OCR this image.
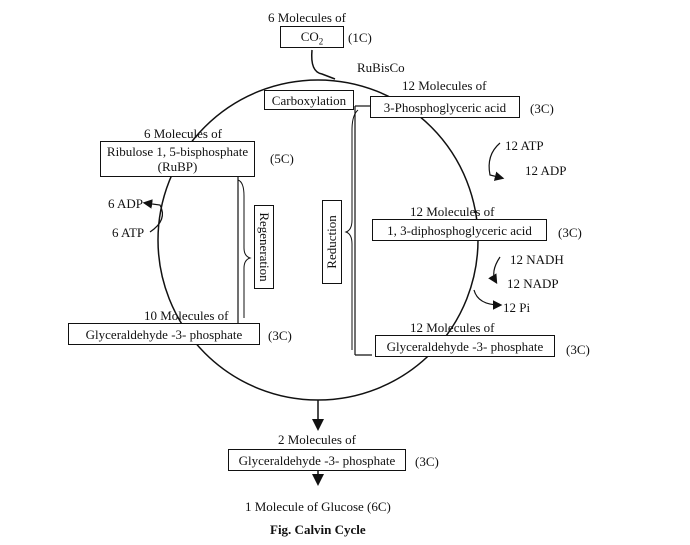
6 Molecules of
$CO_2$	(1C)
RuBisCo
Carboxylation
12 Molecules of
3-Phosphoglyceric acid	(3C)
12 ATP
12 ADP
12 Molecules of
1, 3-diphosphoglyceric acid	(3C)
12 NADH
12 NADP
12 Pi
12 Molecules of
Glyceraldehyde -3- phosphate	(3C)
6 Molecules of
Ribulose 1, 5-bisphosphate
(RuBP)
(5C)
6 ADP
6 ATP	Regeneration	Reduction
10 Molecules of
Glyceraldehyde -3- phosphate	(3C)
2 Molecules of
Glyceraldehyde -3- phosphate	(3C)
1 Molecule of Glucose (6C)
Fig. Calvin Cycle
